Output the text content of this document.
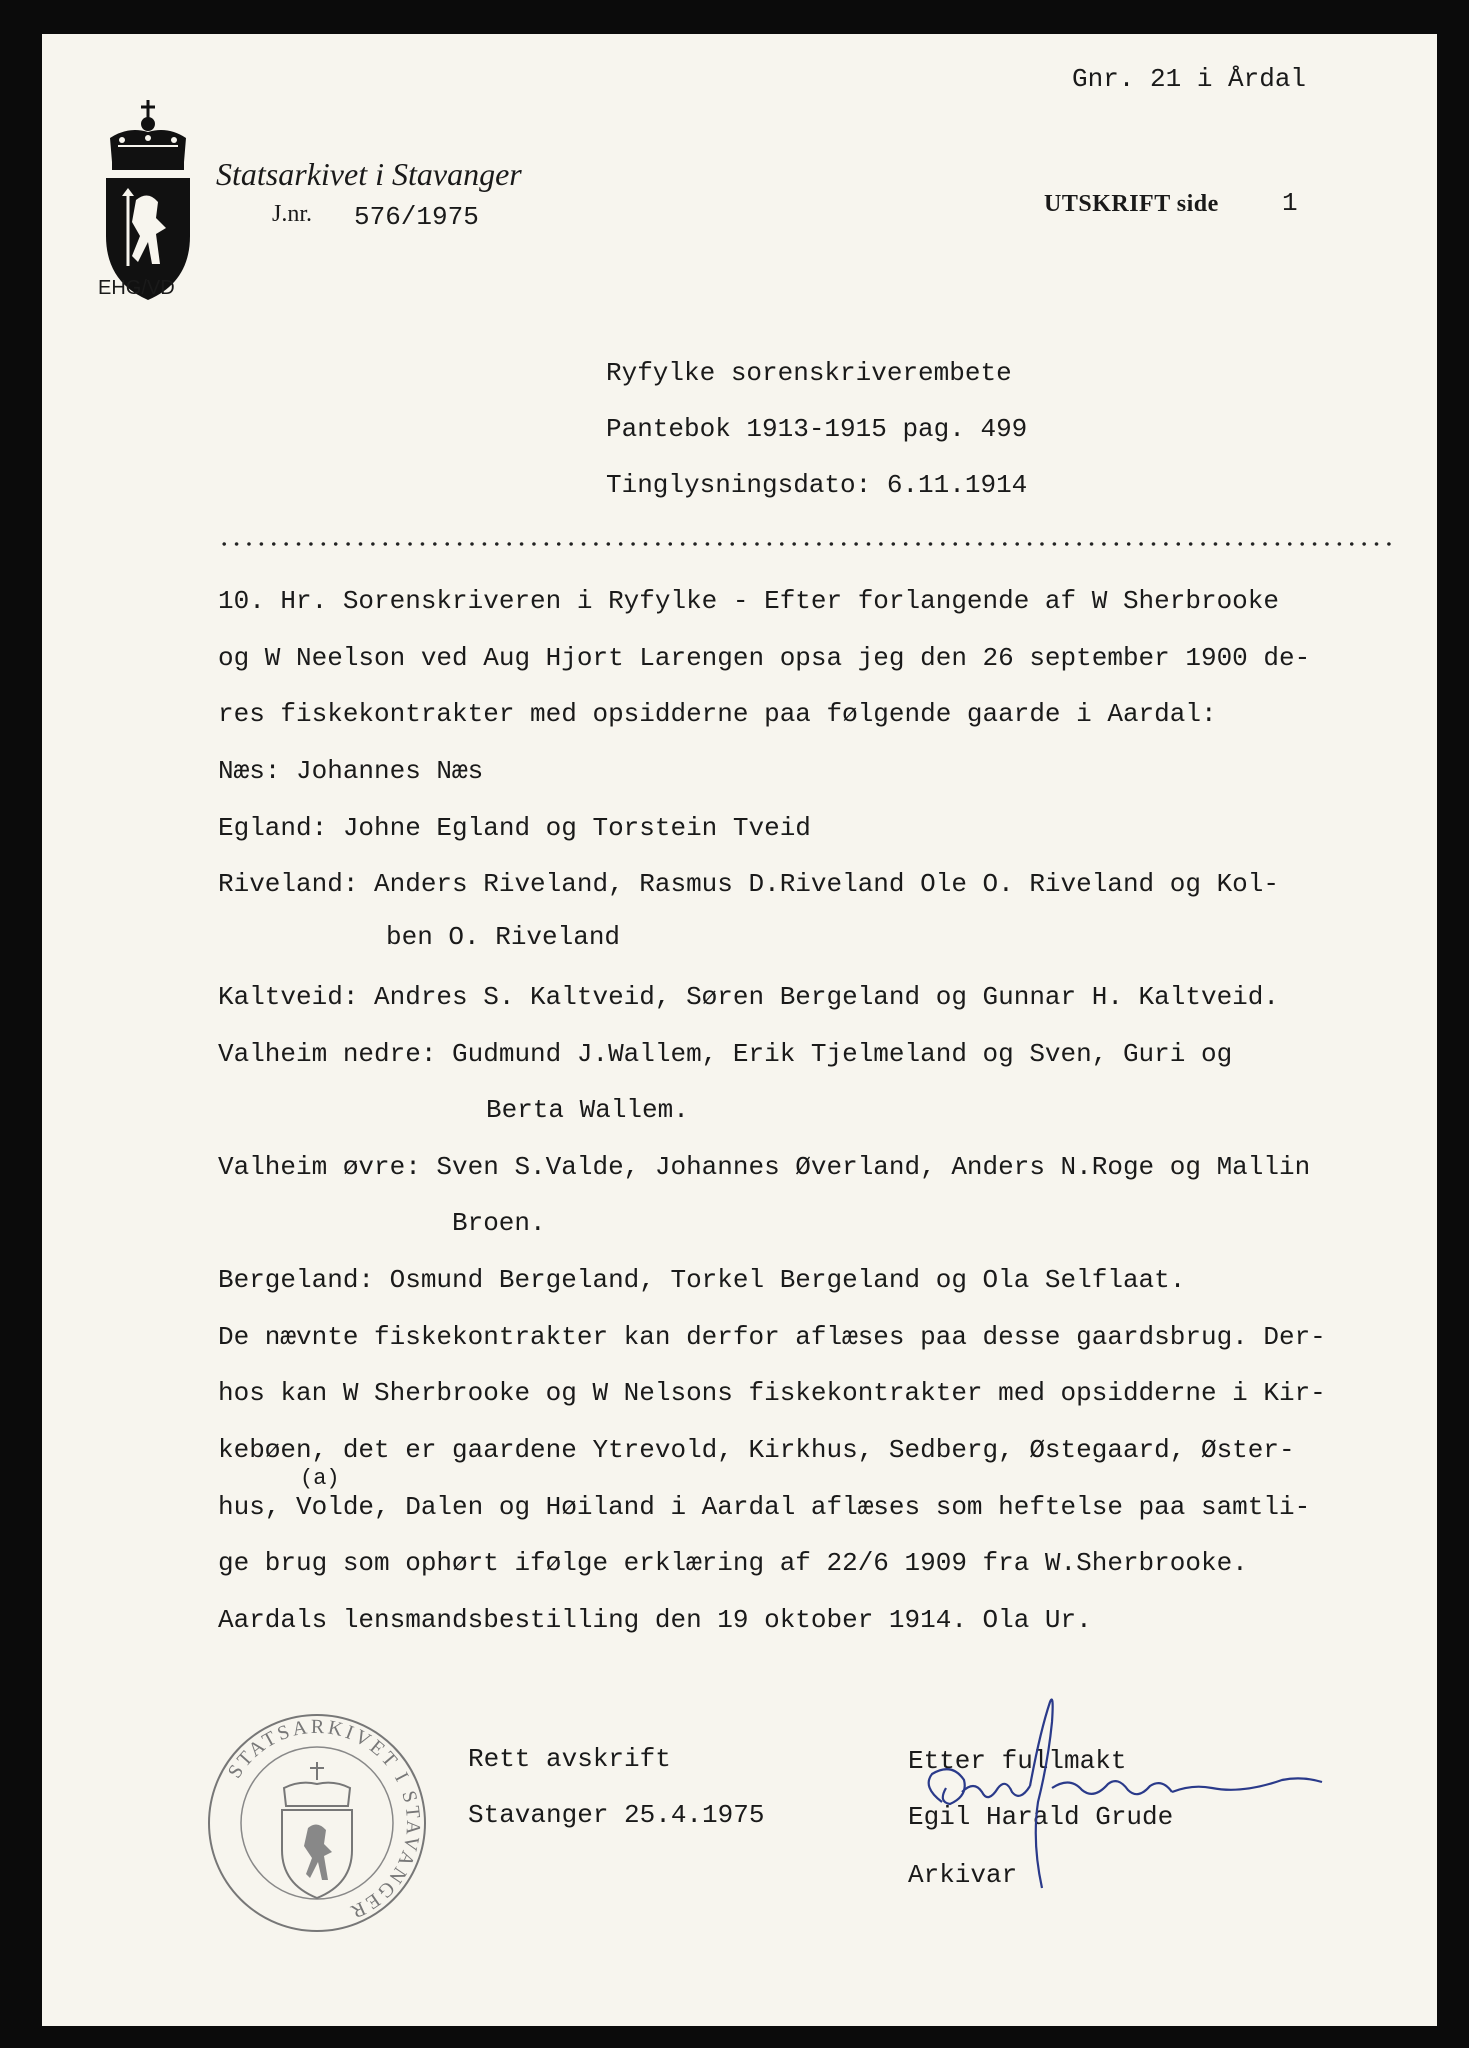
EHG/VD
Statsarkivet i Stavanger
J.nr. 576/1975
Gnr. 21 i Årdal
UTSKRIFT side 1
Ryfylke sorenskriverembete
Pantebok 1913-1915 pag. 499
Tinglysningsdato: 6.11.1914
10. Hr. Sorenskriveren i Ryfylke - Efter forlangende af W Sherbrooke
og W Neelson ved Aug Hjort Larengen opsa jeg den 26 september 1900 de-
res fiskekontrakter med opsidderne paa følgende gaarde i Aardal:
Næs: Johannes Næs
Egland: Johne Egland og Torstein Tveid
Riveland: Anders Riveland, Rasmus D.Riveland Ole O. Riveland og Kol-
ben O. Riveland
Kaltveid: Andres S. Kaltveid, Søren Bergeland og Gunnar H. Kaltveid.
Valheim nedre: Gudmund J.Wallem, Erik Tjelmeland og Sven, Guri og
Berta Wallem.
Valheim øvre: Sven S.Valde, Johannes Øverland, Anders N.Roge og Mallin
Broen.
Bergeland: Osmund Bergeland, Torkel Bergeland og Ola Selflaat.
De nævnte fiskekontrakter kan derfor aflæses paa desse gaardsbrug. Der-
hos kan W Sherbrooke og W Nelsons fiskekontrakter med opsidderne i Kir-
kebøen, det er gaardene Ytrevold, Kirkhus, Sedberg, Østegaard, Øster-
(a)
hus, Volde, Dalen og Høiland i Aardal aflæses som heftelse paa samtli-
ge brug som ophørt ifølge erklæring af 22/6 1909 fra W.Sherbrooke.
Aardals lensmandsbestilling den 19 oktober 1914. Ola Ur.
STATSARKIVET I STAVANGER
Rett avskrift
Stavanger 25.4.1975
Etter fullmakt
Egil Harald Grude
Arkivar
